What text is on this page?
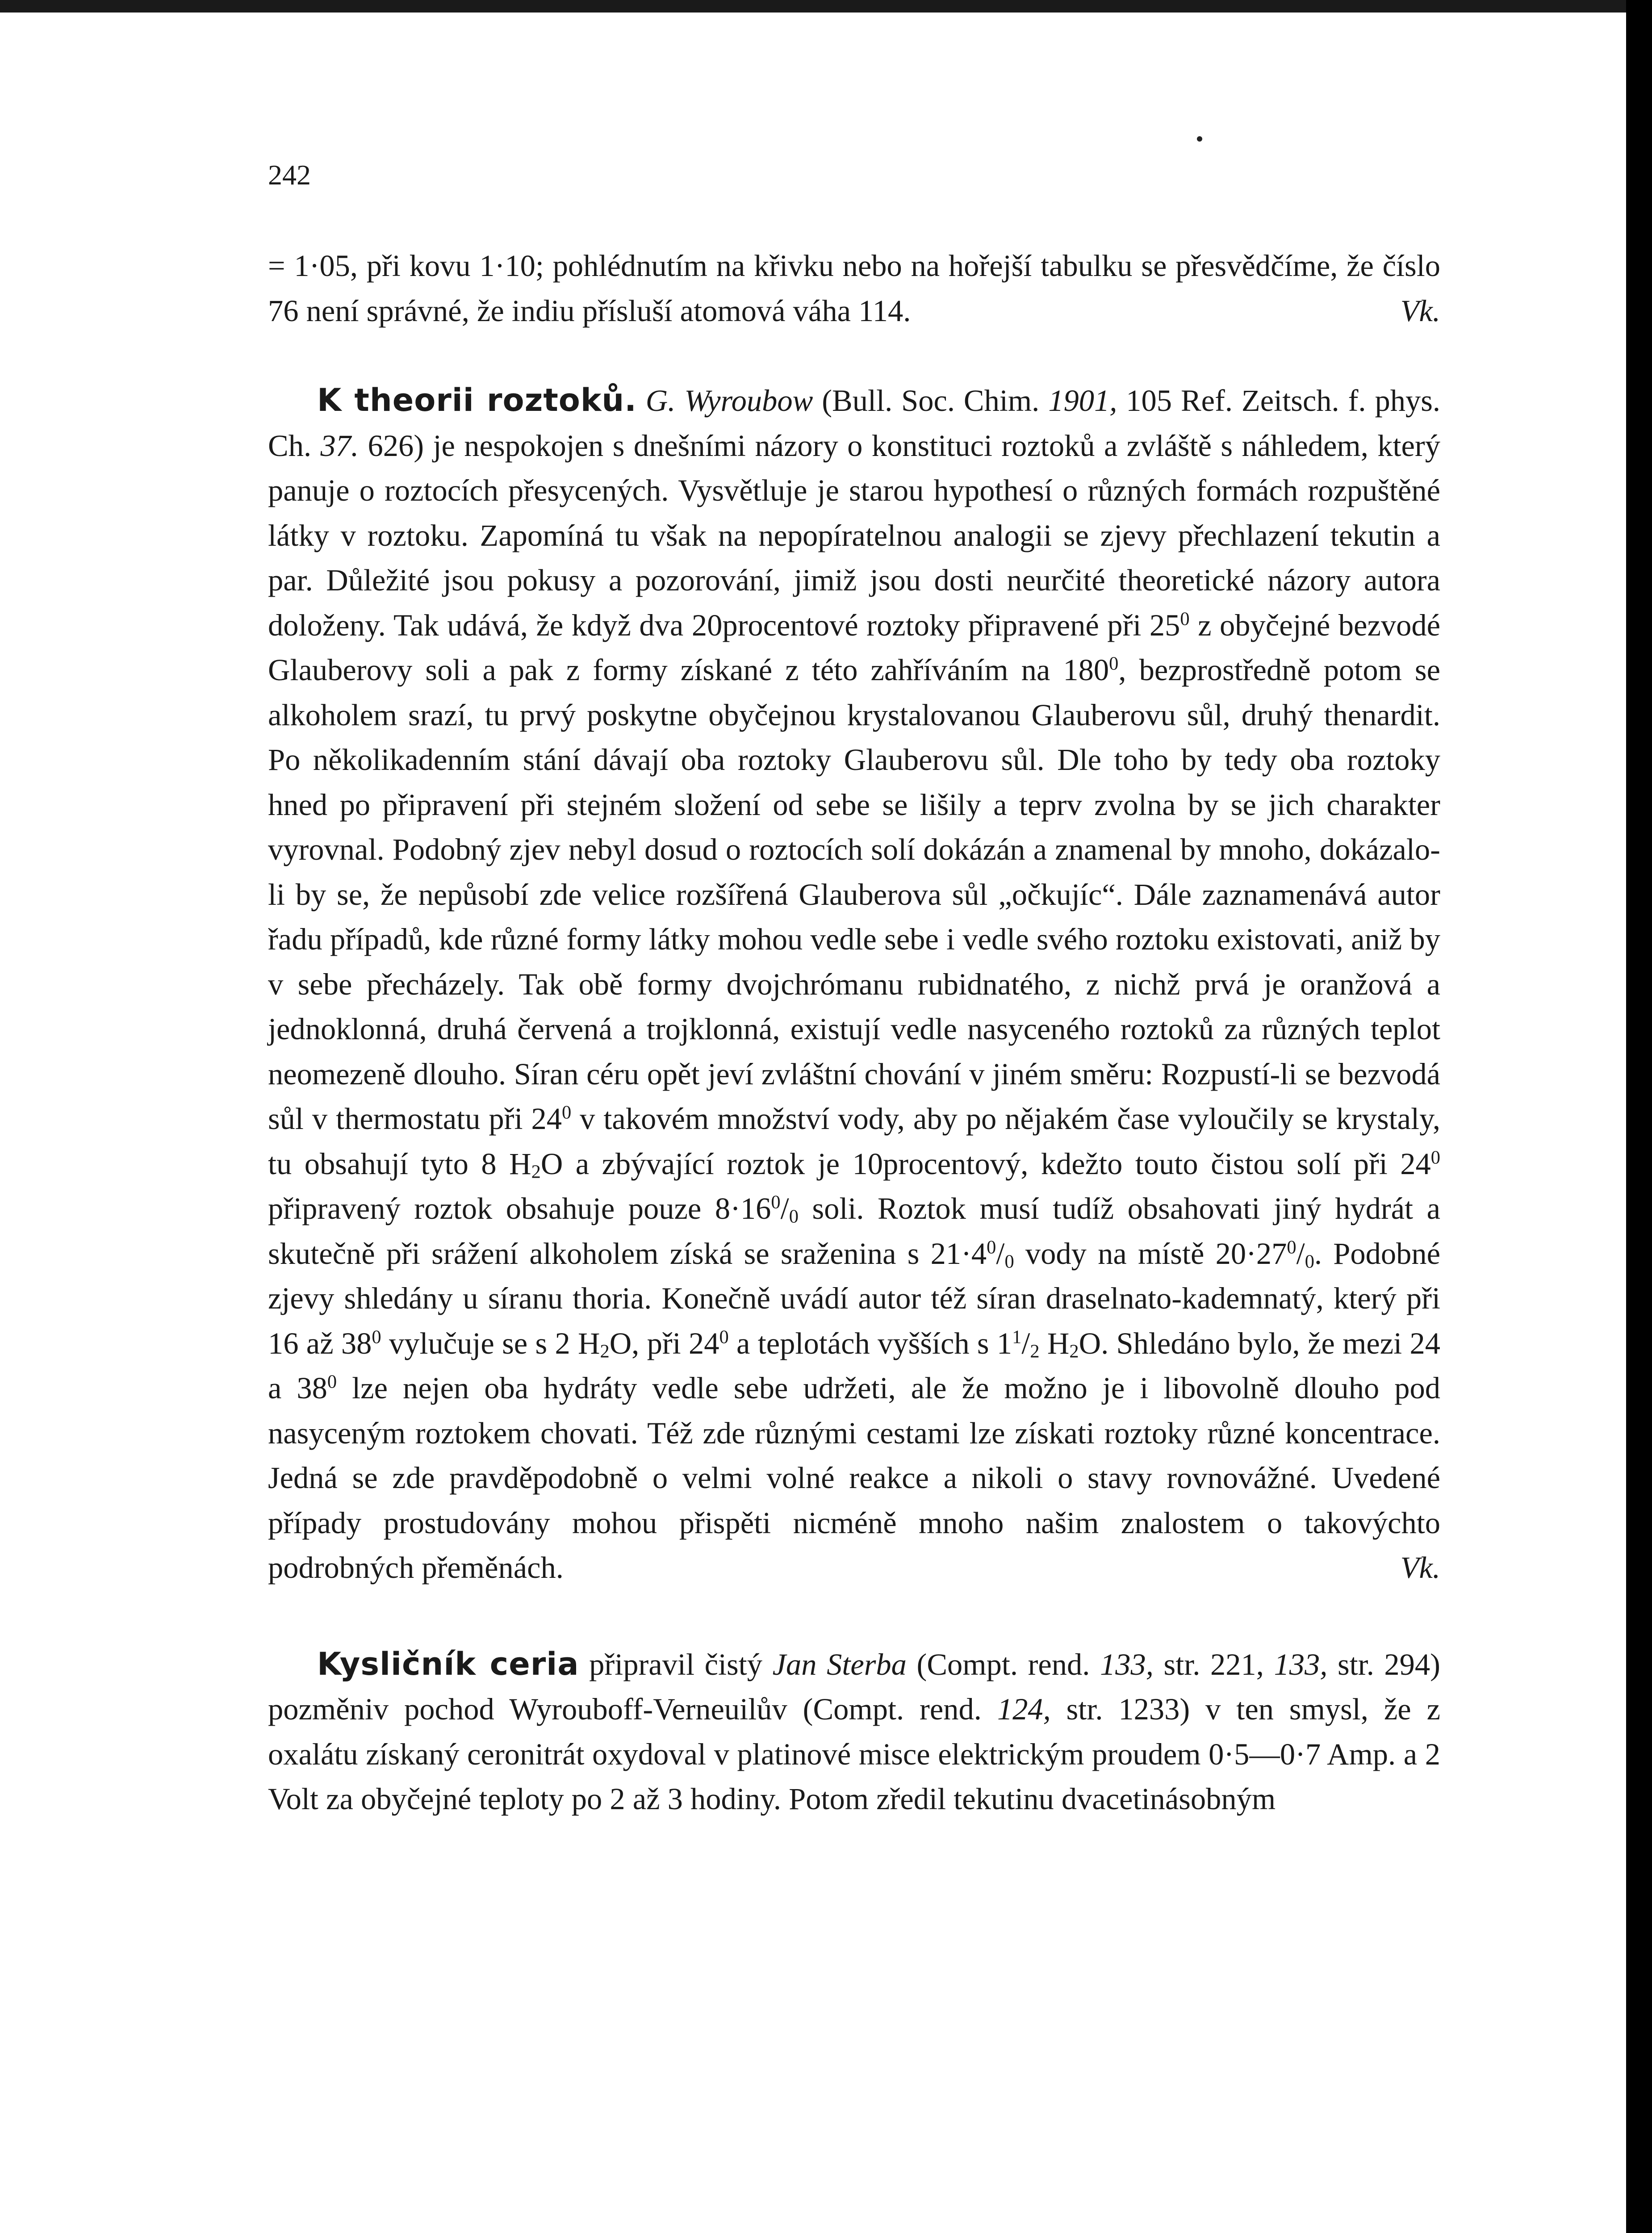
242

= 1·05, při kovu 1·10; pohlédnutím na křivku nebo na hořejší tabulku se přesvědčíme, že číslo 76 není správné, že indiu přísluší atomová váha 114.	Vk.

K theorii roztoků. G. Wyroubow (Bull. Soc. Chim. 1901, 105 Ref. Zeitsch. f. phys. Ch. 37. 626) je nespokojen s dnešními názory o konstituci roztoků a zvláště s náhledem, který panuje o roztocích přesycených. Vysvětluje je starou hypothesí o různých formách rozpuštěné látky v roztoku. Zapomíná tu však na nepopíratelnou analogii se zjevy přechlazení tekutin a par. Důležité jsou pokusy a pozorování, jimiž jsou dosti neurčité theoretické názory autora doloženy. Tak udává, že když dva 20procentové roztoky připravené při $25^0$ z obyčejné bezvodé Glauberovy soli a pak z formy získané z této zahříváním na $180^0$, bezprostředně potom se alkoholem srazí, tu prvý poskytne obyčejnou krystalovanou Glauberovu sůl, druhý thenardit. Po několikadenním stání dávají oba roztoky Glauberovu sůl. Dle toho by tedy oba roztoky hned po připravení při stejném složení od sebe se lišily a teprv zvolna by se jich charakter vyrovnal. Podobný zjev nebyl dosud o roztocích solí dokázán a znamenal by mnoho, dokázalo-li by se, že nepůsobí zde velice rozšířená Glauberova sůl „očkujíc“. Dále zaznamenává autor řadu případů, kde různé formy látky mohou vedle sebe i vedle svého roztoku existovati, aniž by v sebe přecházely. Tak obě formy dvojchrómanu rubidnatého, z nichž prvá je oranžová a jednoklonná, druhá červená a trojklonná, existují vedle nasyceného roztoků za různých teplot neomezeně dlouho. Síran céru opět jeví zvláštní chování v jiném směru: Rozpustí-li se bezvodá sůl v thermostatu při $24^0$ v takovém množství vody, aby po nějakém čase vyloučily se krystaly, tu obsahují tyto 8 $H_2O$ a zbývající roztok je 10procentový, kdežto touto čistou solí při $24^0$ připravený roztok obsahuje pouze $8\cdot 16^0/_0$ soli. Roztok musí tudíž obsahovati jiný hydrát a skutečně při srážení alkoholem získá se sraženina s $21\cdot 4^0/_0$ vody na místě $20\cdot 27^0/_0$. Podobné zjevy shledány u síranu thoria. Konečně uvádí autor též síran draselnato-kademnatý, který při 16 až $38^0$ vylučuje se s 2 $H_2O$, při $24^0$ a teplotách vyšších s $1^1/_2$ $H_2O$. Shledáno bylo, že mezi 24 a $38^0$ lze nejen oba hydráty vedle sebe udržeti, ale že možno je i libovolně dlouho pod nasyceným roztokem chovati. Též zde různými cestami lze získati roztoky různé koncentrace. Jedná se zde pravděpodobně o velmi volné reakce a nikoli o stavy rovnovážné. Uvedené případy prostudovány mohou přispěti nicméně mnoho našim znalostem o takovýchto podrobných přeměnách.	Vk.

Kysličník ceria připravil čistý Jan Sterba (Compt. rend. 133, str. 221, 133, str. 294) pozměniv pochod Wyrouboff-Verneuilův (Compt. rend. 124, str. 1233) v ten smysl, že z oxalátu získaný ceronitrát oxydoval v platinové misce elektrickým proudem 0·5—0·7 Amp. a 2 Volt za obyčejné teploty po 2 až 3 hodiny. Potom zředil tekutinu dvacetinásobným
